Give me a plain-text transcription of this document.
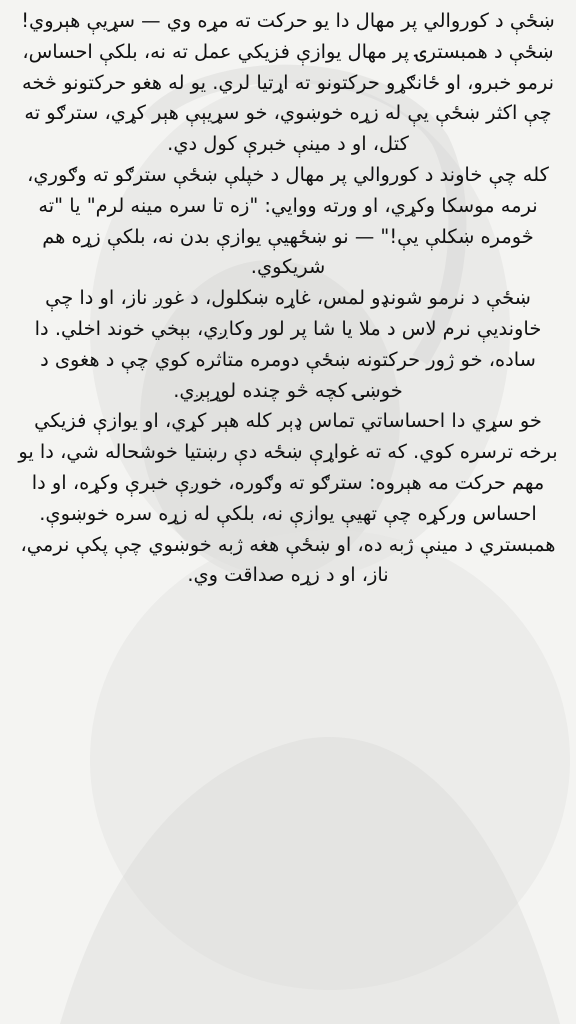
ښځې د کوروالي پر مهال دا يو حرکت ته مړه وي — سړيې هېروي!

ښځې د همبسترۍ پر مهال يوازې فزيکي عمل ته نه، بلکې احساس، نرمو خبرو، او ځانګړو حرکتونو ته اړتيا لري. يو له هغو حرکتونو څخه چې اکثر ښځې يې له زړه خوښوي، خو سړيېې هېر کړي، سترګو ته کتل، او د مينې خبرې کول دي.

کله چې خاوند د کوروالي پر مهال د خپلې ښځې سترګو ته وګوري، نرمه موسکا وکړي، او ورته ووايي: "زه تا سره مينه لرم" يا "ته څومره ښکلې يې!" — نو ښځهيې يوازې بدن نه، بلکې زړه هم شريکوي.

ښځې د نرمو شونډو لمس، غاړه ښکلول، د غوږ ناز، او دا چې خاونديې نرم لاس د ملا يا شا پر لور وکاږي، بېخي خوند اخلي. دا ساده، خو ژور حرکتونه ښځې دومره متاثره کوي چې د هغوی د خوښۍ کچه څو چنده لوړېږي.

خو سړي دا احساساتي تماس ډېر کله هېر کړي، او يوازې فزيکي برخه ترسره کوي. که ته غواړې ښځه دې رښتيا خوشحاله شي، دا يو مهم حرکت مه هېروه: سترګو ته وګوره، خوږې خبرې وکړه، او دا احساس ورکړه چې تهيې يوازې نه، بلکې له زړه سره خوښوې.

همبستري د مينې ژبه ده، او ښځې هغه ژبه خوښوي چې پکې نرمي، ناز، او د زړه صداقت وي.
